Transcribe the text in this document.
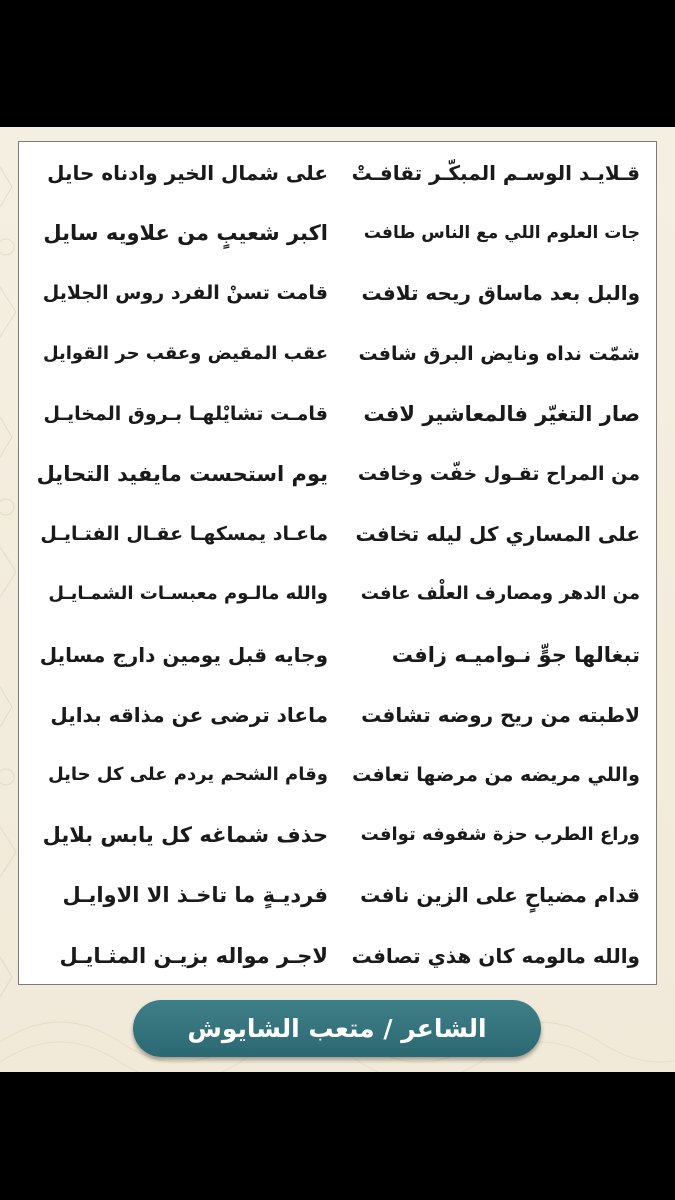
قـلايـد الوسـم المبكّـر تقافـتْ
على شمال الخير وادناه حايل
جات العلوم اللي مع الناس طافت
اكبر شعيبٍ من علاويه سايل
والبل بعد ماساق ريحه تلافت
قامت تسنْ الفرد روس الجلايل
شمّت نداه ونايض البرق شافت
عقب المقيض وعقب حر القوايل
صار التغيّر فالمعاشير لافت
قامـت تشايْلهـا بـروق المخايـل
من المراح تقـول خفّت وخافت
يوم استحست مايفيد التحايل
على المساري كل ليله تخافت
ماعـاد يمسكهـا عقـال الفتـايـل
من الدهر ومصارف العلْف عافت
والله مالـوم معبسـات الشمـايـل
تبغالها جوٍّ نـواميـه زافت
وجايه قبل يومين دارج مسايل
لاطبته من ريح روضه تشافت
ماعاد ترضى عن مذاقه بدايل
واللي مريضه من مرضها تعافت
وقام الشحم يردم على كل حايل
وراع الطرب حزة شفوفه توافت
حذف شماغه كل يابس بلايل
قدام مضياحٍ على الزين نافت
فرديـةٍ ما تاخـذ الا الاوايـل
والله مالومه كان هذي تصافت
لاجـر مواله بزيـن المثـايـل
الشاعر / متعب الشايوش
